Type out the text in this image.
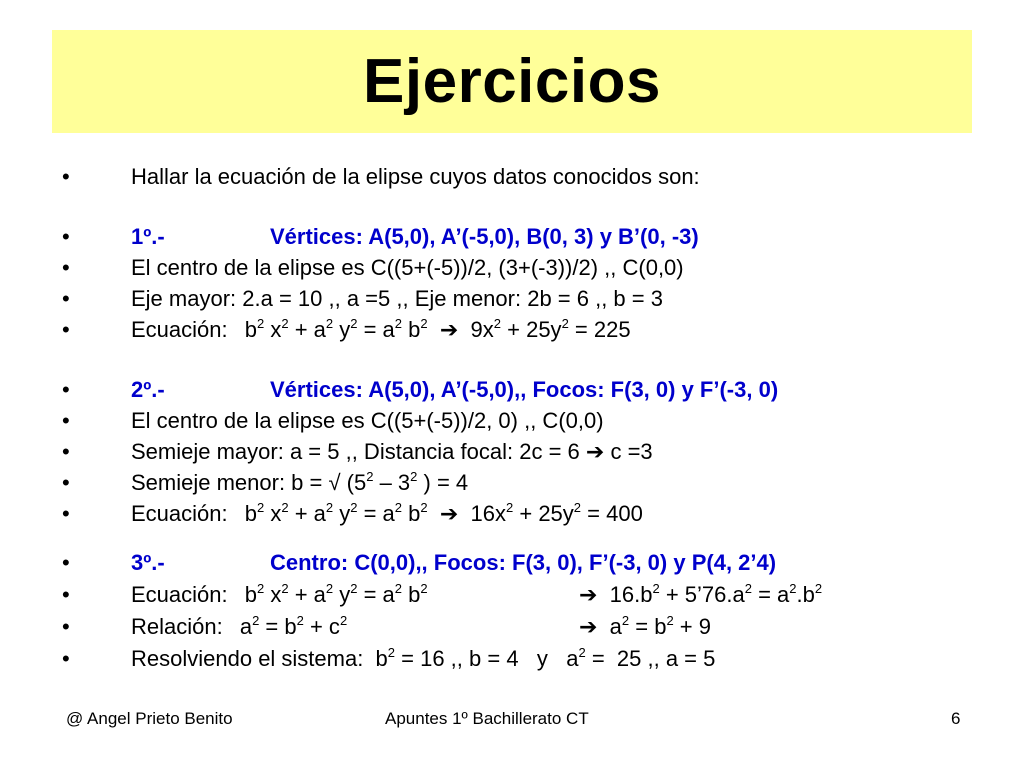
Ejercicios
•	Hallar la ecuación de la elipse cuyos datos conocidos son:
•	1º.-	Vértices: A(5,0), A’(-5,0), B(0, 3) y B’(0, -3)
•	El centro de la elipse es C((5+(-5))/2, (3+(-3))/2) ,, C(0,0)
•	Eje mayor: 2.a = 10 ,, a =5 ,, Eje menor: 2b = 6 ,, b = 3
•	Ecuación: $b^2$ $x^2 + a^2$ $y^2 = a^2$ $b^2$ ➔ $9x^2 + 25y^2 = 225$
•	2º.-	Vértices: A(5,0), A’(-5,0),, Focos: F(3, 0) y F’(-3, 0)
•	El centro de la elipse es C((5+(-5))/2, 0) ,, C(0,0)
•	Semieje mayor: a = 5 ,, Distancia focal: 2c = 6 ➔ c =3
•	Semieje menor: b = √ ($5^2 - 3^2$ ) = 4
•	Ecuación: $b^2$ $x^2 + a^2$ $y^2 = a^2$ $b^2$ ➔ $16x^2 + 25y^2 = 400$
•	3º.-	Centro: C(0,0),, Focos: F(3, 0), F’(-3, 0) y P(4, 2’4)
•	Ecuación: $b^2$ $x^2 + a^2$ $y^2 = a^2$ $b^2$	➔  $16.b^2$ + $5’76.a^2 = a^2.b^2$
•	Relación: $a^2 = b^2 + c^2$	➔  $a^2 = b^2 + 9$
•	Resolviendo el sistema:  $b^2 = 16$ ,, b = 4   y   $a^2 = 25$ ,, a = 5
@ Angel Prieto Benito	Apuntes 1º Bachillerato CT	6
